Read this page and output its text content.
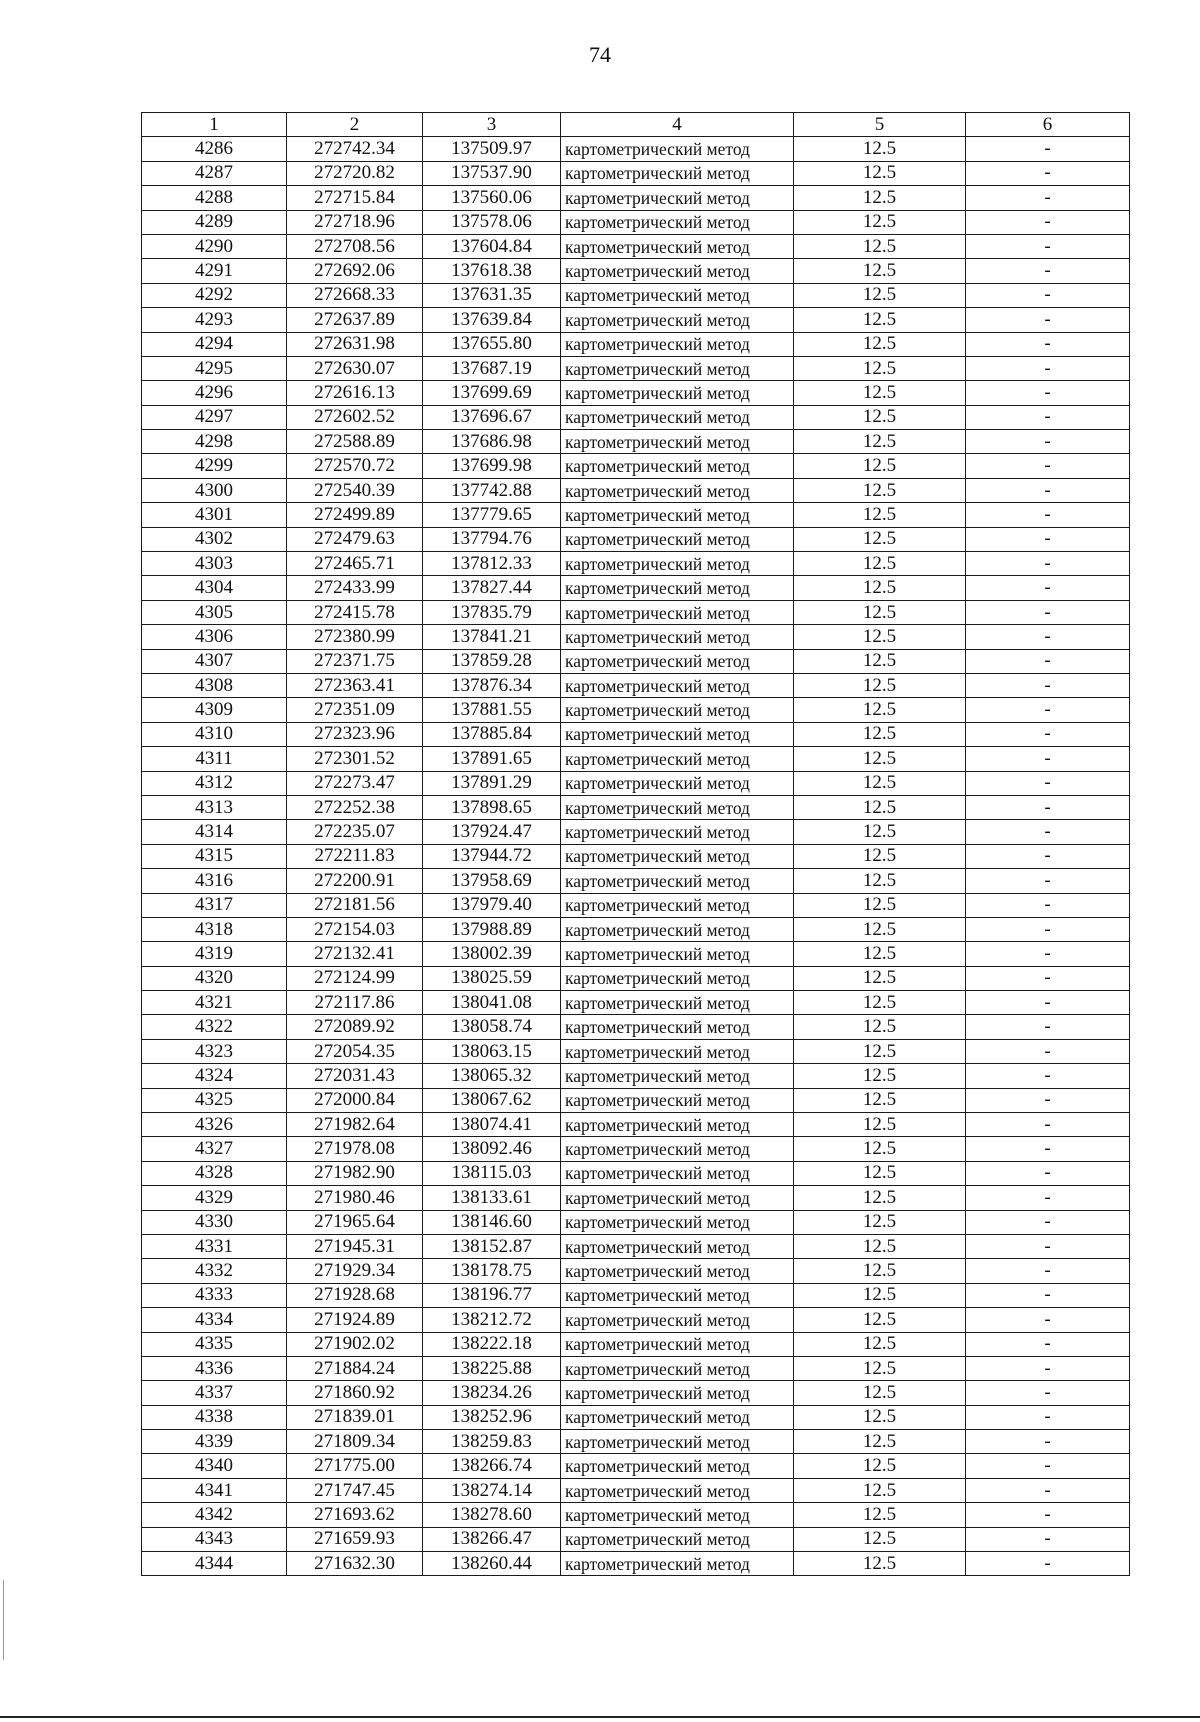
74
1	2	3	4	5	6
4286	272742.34	137509.97	картометрический метод	12.5	-
4287	272720.82	137537.90	картометрический метод	12.5	-
4288	272715.84	137560.06	картометрический метод	12.5	-
4289	272718.96	137578.06	картометрический метод	12.5	-
4290	272708.56	137604.84	картометрический метод	12.5	-
4291	272692.06	137618.38	картометрический метод	12.5	-
4292	272668.33	137631.35	картометрический метод	12.5	-
4293	272637.89	137639.84	картометрический метод	12.5	-
4294	272631.98	137655.80	картометрический метод	12.5	-
4295	272630.07	137687.19	картометрический метод	12.5	-
4296	272616.13	137699.69	картометрический метод	12.5	-
4297	272602.52	137696.67	картометрический метод	12.5	-
4298	272588.89	137686.98	картометрический метод	12.5	-
4299	272570.72	137699.98	картометрический метод	12.5	-
4300	272540.39	137742.88	картометрический метод	12.5	-
4301	272499.89	137779.65	картометрический метод	12.5	-
4302	272479.63	137794.76	картометрический метод	12.5	-
4303	272465.71	137812.33	картометрический метод	12.5	-
4304	272433.99	137827.44	картометрический метод	12.5	-
4305	272415.78	137835.79	картометрический метод	12.5	-
4306	272380.99	137841.21	картометрический метод	12.5	-
4307	272371.75	137859.28	картометрический метод	12.5	-
4308	272363.41	137876.34	картометрический метод	12.5	-
4309	272351.09	137881.55	картометрический метод	12.5	-
4310	272323.96	137885.84	картометрический метод	12.5	-
4311	272301.52	137891.65	картометрический метод	12.5	-
4312	272273.47	137891.29	картометрический метод	12.5	-
4313	272252.38	137898.65	картометрический метод	12.5	-
4314	272235.07	137924.47	картометрический метод	12.5	-
4315	272211.83	137944.72	картометрический метод	12.5	-
4316	272200.91	137958.69	картометрический метод	12.5	-
4317	272181.56	137979.40	картометрический метод	12.5	-
4318	272154.03	137988.89	картометрический метод	12.5	-
4319	272132.41	138002.39	картометрический метод	12.5	-
4320	272124.99	138025.59	картометрический метод	12.5	-
4321	272117.86	138041.08	картометрический метод	12.5	-
4322	272089.92	138058.74	картометрический метод	12.5	-
4323	272054.35	138063.15	картометрический метод	12.5	-
4324	272031.43	138065.32	картометрический метод	12.5	-
4325	272000.84	138067.62	картометрический метод	12.5	-
4326	271982.64	138074.41	картометрический метод	12.5	-
4327	271978.08	138092.46	картометрический метод	12.5	-
4328	271982.90	138115.03	картометрический метод	12.5	-
4329	271980.46	138133.61	картометрический метод	12.5	-
4330	271965.64	138146.60	картометрический метод	12.5	-
4331	271945.31	138152.87	картометрический метод	12.5	-
4332	271929.34	138178.75	картометрический метод	12.5	-
4333	271928.68	138196.77	картометрический метод	12.5	-
4334	271924.89	138212.72	картометрический метод	12.5	-
4335	271902.02	138222.18	картометрический метод	12.5	-
4336	271884.24	138225.88	картометрический метод	12.5	-
4337	271860.92	138234.26	картометрический метод	12.5	-
4338	271839.01	138252.96	картометрический метод	12.5	-
4339	271809.34	138259.83	картометрический метод	12.5	-
4340	271775.00	138266.74	картометрический метод	12.5	-
4341	271747.45	138274.14	картометрический метод	12.5	-
4342	271693.62	138278.60	картометрический метод	12.5	-
4343	271659.93	138266.47	картометрический метод	12.5	-
4344	271632.30	138260.44	картометрический метод	12.5	-
